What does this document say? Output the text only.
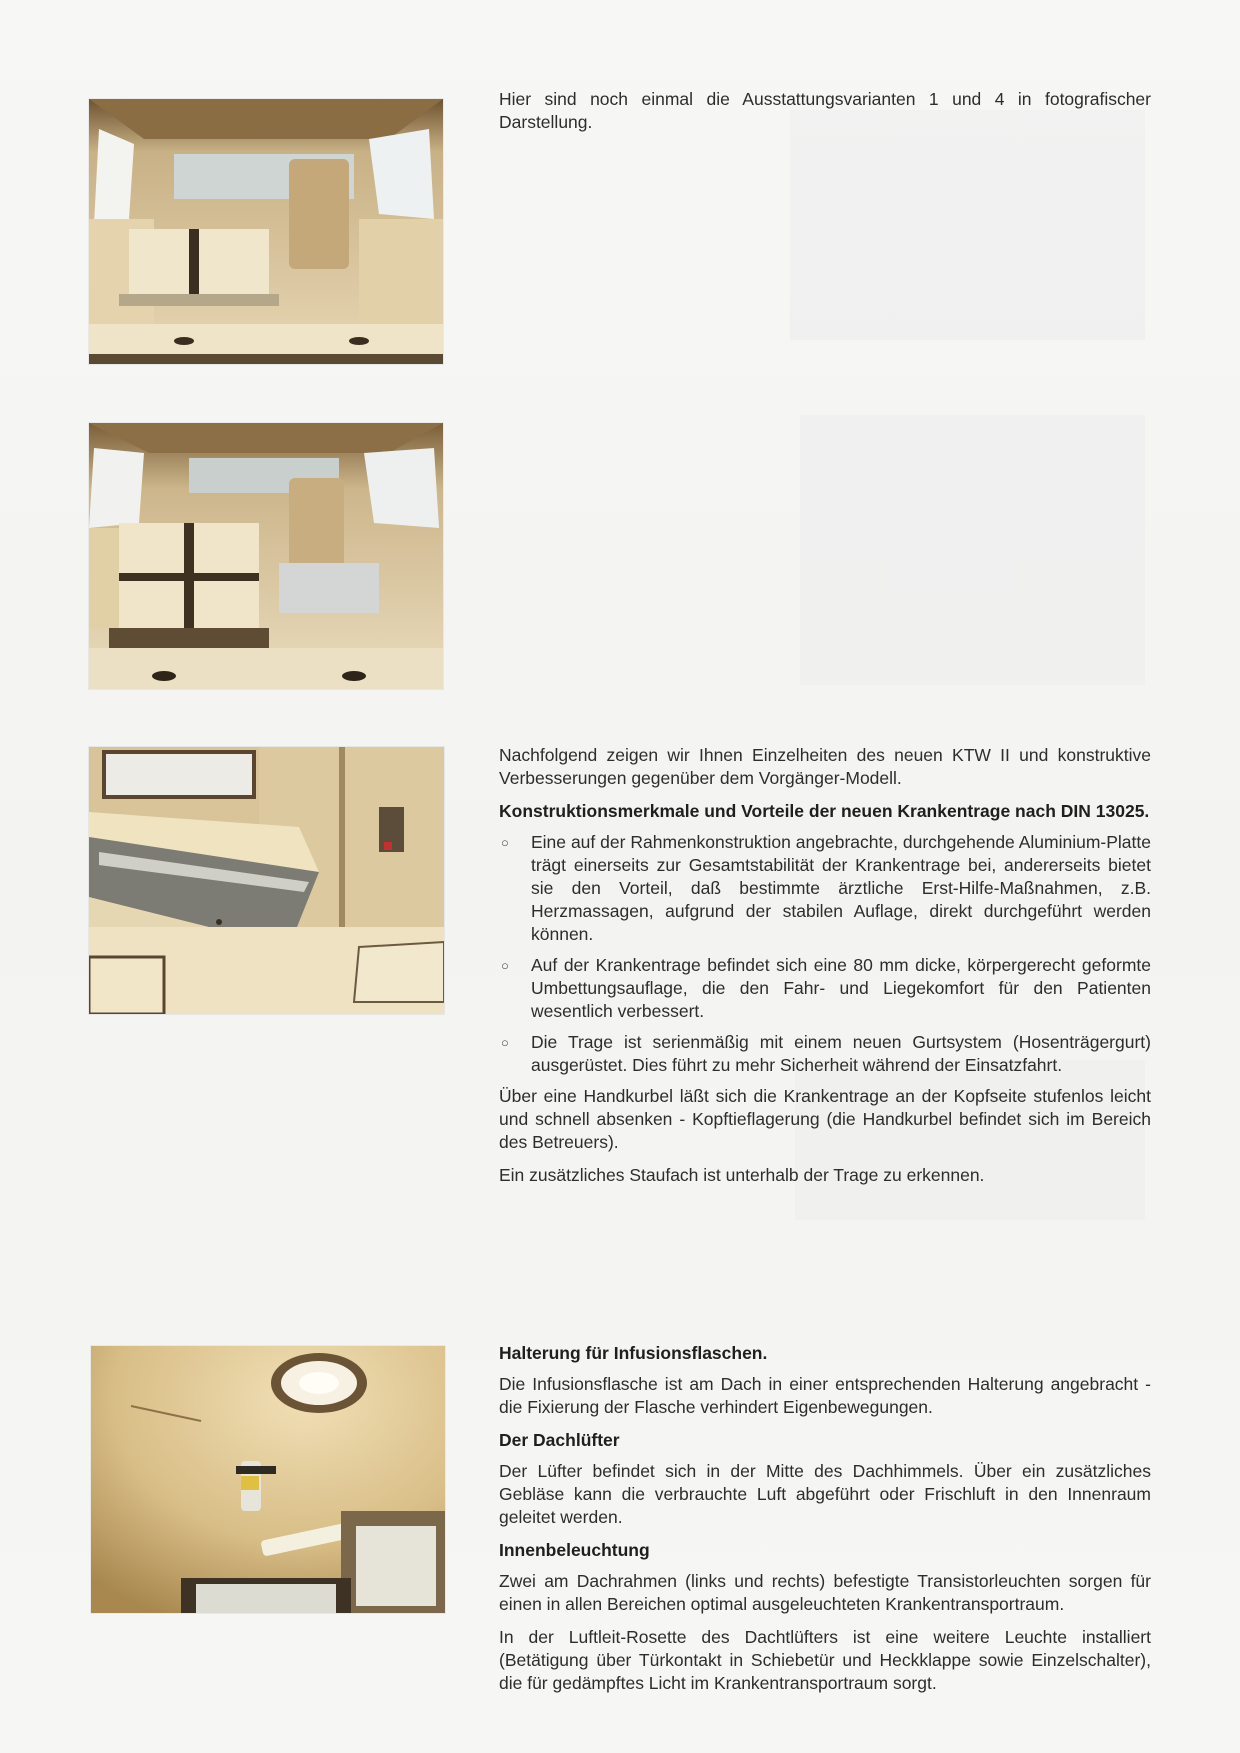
Hier sind noch einmal die Ausstattungsvarianten 1 und 4 in fotografischer Darstellung.

Nachfolgend zeigen wir Ihnen Einzelheiten des neuen KTW II und konstruktive Verbesserungen gegenüber dem Vorgänger-Modell.

Konstruktionsmerkmale und Vorteile der neuen Krankentrage nach DIN 13025.
○ Eine auf der Rahmenkonstruktion angebrachte, durchgehende Aluminium-Platte trägt einerseits zur Gesamtstabilität der Krankentrage bei, andererseits bietet sie den Vorteil, daß bestimmte ärztliche Erst-Hilfe-Maßnahmen, z.B. Herzmassagen, aufgrund der stabilen Auflage, direkt durchgeführt werden können.
○ Auf der Krankentrage befindet sich eine 80 mm dicke, körpergerecht geformte Umbettungsauflage, die den Fahr- und Liegekomfort für den Patienten wesentlich verbessert.
○ Die Trage ist serienmäßig mit einem neuen Gurtsystem (Hosenträgergurt) ausgerüstet. Dies führt zu mehr Sicherheit während der Einsatzfahrt.

Über eine Handkurbel läßt sich die Krankentrage an der Kopfseite stufenlos leicht und schnell absenken - Kopftieflagerung (die Handkurbel befindet sich im Bereich des Betreuers).

Ein zusätzliches Staufach ist unterhalb der Trage zu erkennen.

Halterung für Infusionsflaschen.

Die Infusionsflasche ist am Dach in einer entsprechenden Halterung angebracht - die Fixierung der Flasche verhindert Eigenbewegungen.

Der Dachlüfter

Der Lüfter befindet sich in der Mitte des Dachhimmels. Über ein zusätzliches Gebläse kann die verbrauchte Luft abgeführt oder Frischluft in den Innenraum geleitet werden.

Innenbeleuchtung

Zwei am Dachrahmen (links und rechts) befestigte Transistorleuchten sorgen für einen in allen Bereichen optimal ausgeleuchteten Krankentransportraum.

In der Luftleit-Rosette des Dachtlüfters ist eine weitere Leuchte installiert (Betätigung über Türkontakt in Schiebetür und Heckklappe sowie Einzelschalter), die für gedämpftes Licht im Krankentransportraum sorgt.
